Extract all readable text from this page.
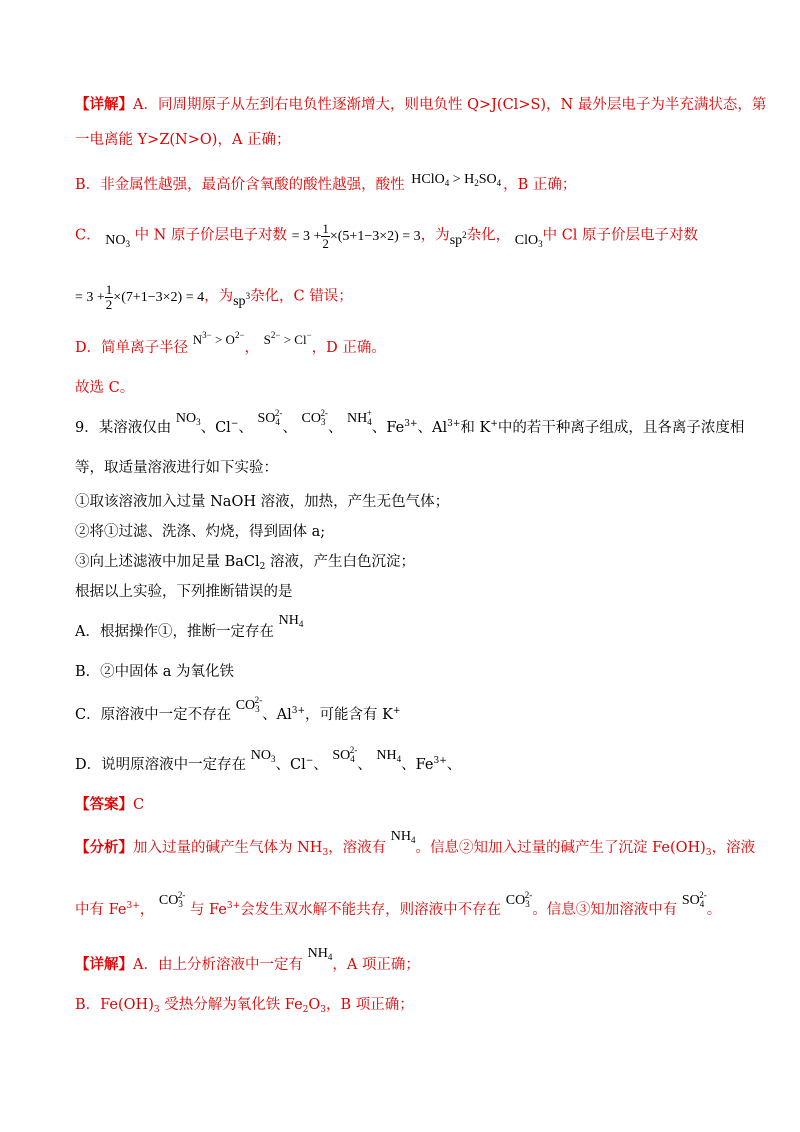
【详解】A．同周期原子从左到右电负性逐渐增大，则电负性 Q>J(Cl>S)，N 最外层电子为半充满状态，第
一电离能 Y>Z(N>O)，A 正确；
B．非金属性越强，最高价含氧酸的酸性越强，酸性 HClO$_4$ > $H_2SO_4$ ，B 正确；
C． $NO_3$ 中 N 原子价层电子对数 = $3 + \frac{1}{2} \times(5+1-3\times 2) = 3$，为$sp^2$杂化， ClO$_3$中 Cl 原子价层电子对数
= $3 + \frac{1}{2} \times(7+1-3\times 2) = 4$，为$sp^3$杂化，C 错误；
D．简单离子半径 $N^{3-} > O^{2-}$， $S^{2-} > Cl^-$，D 正确。
故选 C。
9．某溶液仅由 $NO_3$、Cl−、 $SO_4^{2-}$、 $CO_3^{2-}$、 $NH_4^+$、$Fe^{3+}$、$Al^{3+}$和 K+中的若干种离子组成，且各离子浓度相
等，取适量溶液进行如下实验：
①取该溶液加入过量 NaOH 溶液，加热，产生无色气体；
②将①过滤、洗涤、灼烧，得到固体 a;
③向上述滤液中加足量 BaCl$_2$ 溶液，产生白色沉淀；
根据以上实验，下列推断错误的是
A．根据操作①，推断一定存在 $NH_4$
B．②中固体 a 为氧化铁
C．原溶液中一定不存在 $CO_3^{2-}$、$Al^{3+}$，可能含有 K+
D．说明原溶液中一定存在 $NO_3$、Cl−、 $SO_4^{2-}$、 $NH_4$、$Fe^{3+}$、
【答案】C
【分析】加入过量的碱产生气体为 $NH_3$，溶液有 $NH_4$。信息②知加入过量的碱产生了沉淀 $Fe(OH)_3$，溶液
中有 $Fe^{3+}$， $CO_3^{2-}$ 与 $Fe^{3+}$会发生双水解不能共存，则溶液中不存在 $CO_3^{2-}$。信息③知加溶液中有 $SO_4^{2-}$。
【详解】A．由上分析溶液中一定有 $NH_4$，A 项正确；
B．$Fe(OH)_3$ 受热分解为氧化铁 $Fe_2O_3$，B 项正确；
